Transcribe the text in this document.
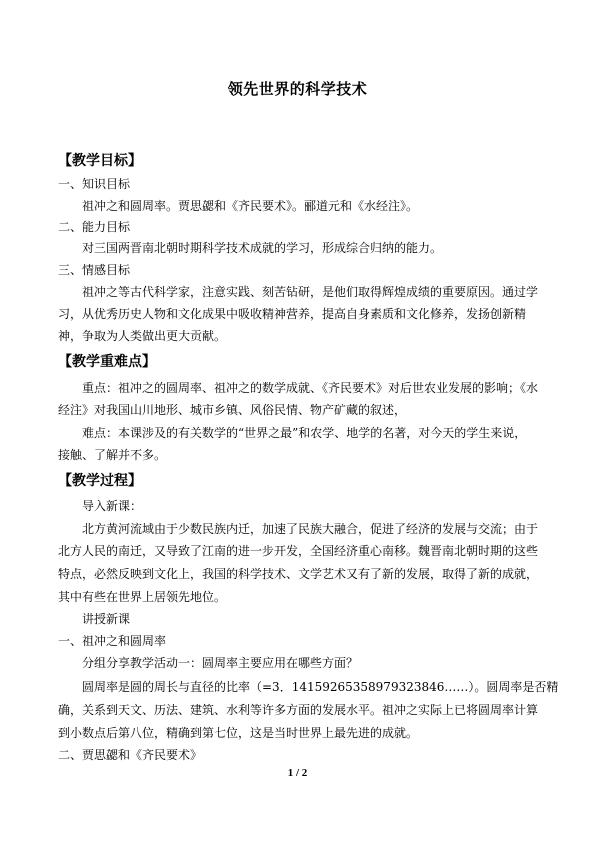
领先世界的科学技术
【教学目标】
一、知识目标
祖冲之和圆周率。贾思勰和《齐民要术》。郦道元和《水经注》。
二、能力目标
对三国两晋南北朝时期科学技术成就的学习，形成综合归纳的能力。
三、情感目标
祖冲之等古代科学家，注意实践、刻苦钻研，是他们取得辉煌成绩的重要原因。通过学
习，从优秀历史人物和文化成果中吸收精神营养，提高自身素质和文化修养，发扬创新精
神，争取为人类做出更大贡献。
【教学重难点】
重点：祖冲之的圆周率、祖冲之的数学成就、《齐民要术》对后世农业发展的影响；《水
经注》对我国山川地形、城市乡镇、风俗民情、物产矿藏的叙述，
难点：本课涉及的有关数学的“世界之最”和农学、地学的名著，对今天的学生来说，
接触、了解并不多。
【教学过程】
导入新课：
北方黄河流域由于少数民族内迁，加速了民族大融合，促进了经济的发展与交流；由于
北方人民的南迁，又导致了江南的进一步开发，全国经济重心南移。魏晋南北朝时期的这些
特点，必然反映到文化上，我国的科学技术、文学艺术又有了新的发展，取得了新的成就，
其中有些在世界上居领先地位。
讲授新课
一、祖冲之和圆周率
分组分享教学活动一：圆周率主要应用在哪些方面？
圆周率是圆的周长与直径的比率（=3．14159265358979323846……）。圆周率是否精
确，关系到天文、历法、建筑、水利等许多方面的发展水平。祖冲之实际上已将圆周率计算
到小数点后第八位，精确到第七位，这是当时世界上最先进的成就。
二、贾思勰和《齐民要术》
1 / 2
